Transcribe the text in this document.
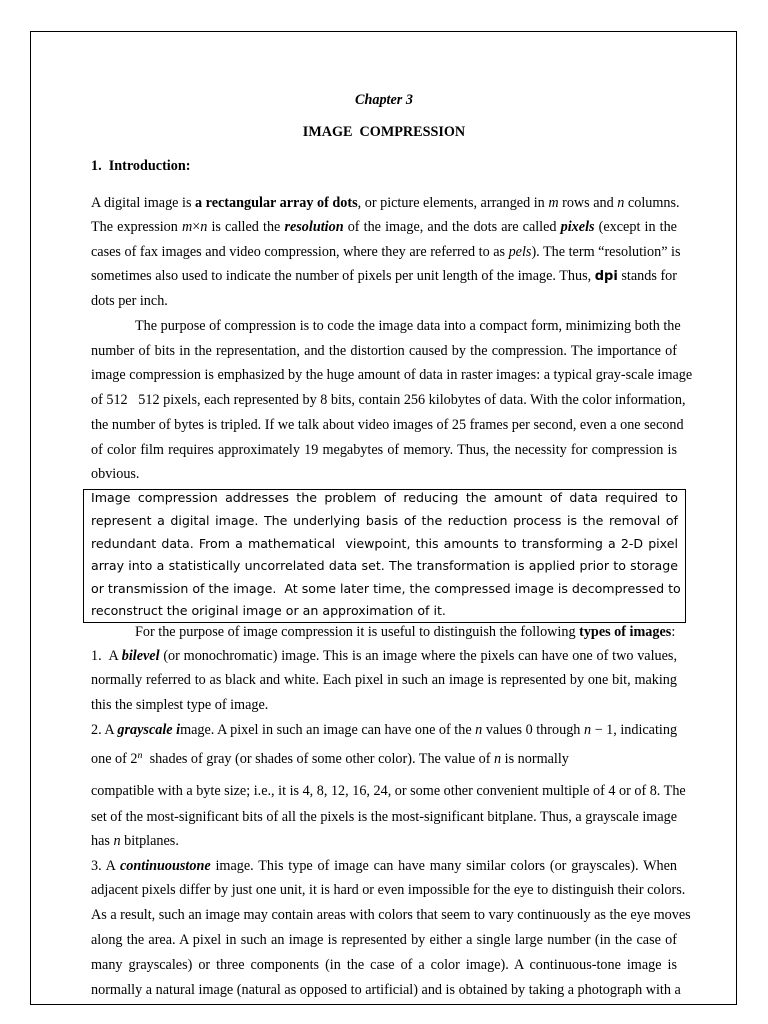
Chapter 3
IMAGE  COMPRESSION
1.  Introduction:
A digital image is a rectangular array of dots, or picture elements, arranged in m rows and n columns.
The expression m×n is called the resolution of the image, and the dots are called pixels (except in the
cases of fax images and video compression, where they are referred to as pels). The term “resolution” is
sometimes also used to indicate the number of pixels per unit length of the image. Thus, dpi stands for
dots per inch.
The purpose of compression is to code the image data into a compact form, minimizing both the
number of bits in the representation, and the distortion caused by the compression. The importance of
image compression is emphasized by the huge amount of data in raster images: a typical gray-scale image
of 512   512 pixels, each represented by 8 bits, contain 256 kilobytes of data. With the color information,
the number of bytes is tripled. If we talk about video images of 25 frames per second, even a one second
of color film requires approximately 19 megabytes of memory. Thus, the necessity for compression is
obvious.
Image compression addresses the problem of reducing the amount of data required to
represent a digital image. The underlying basis of the reduction process is the removal of
redundant data. From a mathematical  viewpoint, this amounts to transforming a 2-D pixel
array into a statistically uncorrelated data set. The transformation is applied prior to storage
or transmission of the image.  At some later time, the compressed image is decompressed to
reconstruct the original image or an approximation of it.
For the purpose of image compression it is useful to distinguish the following types of images:
1.  A bilevel (or monochromatic) image. This is an image where the pixels can have one of two values,
normally referred to as black and white. Each pixel in such an image is represented by one bit, making
this the simplest type of image.
2. A grayscale image. A pixel in such an image can have one of the n values 0 through n − 1, indicating
one of 2$^n$  shades of gray (or shades of some other color). The value of n is normally
compatible with a byte size; i.e., it is 4, 8, 12, 16, 24, or some other convenient multiple of 4 or of 8. The
set of the most-significant bits of all the pixels is the most-significant bitplane. Thus, a grayscale image
has n bitplanes.
3. A continuoustone image. This type of image can have many similar colors (or grayscales). When
adjacent pixels differ by just one unit, it is hard or even impossible for the eye to distinguish their colors.
As a result, such an image may contain areas with colors that seem to vary continuously as the eye moves
along the area. A pixel in such an image is represented by either a single large number (in the case of
many grayscales) or three components (in the case of a color image). A continuous-tone image is
normally a natural image (natural as opposed to artificial) and is obtained by taking a photograph with a
